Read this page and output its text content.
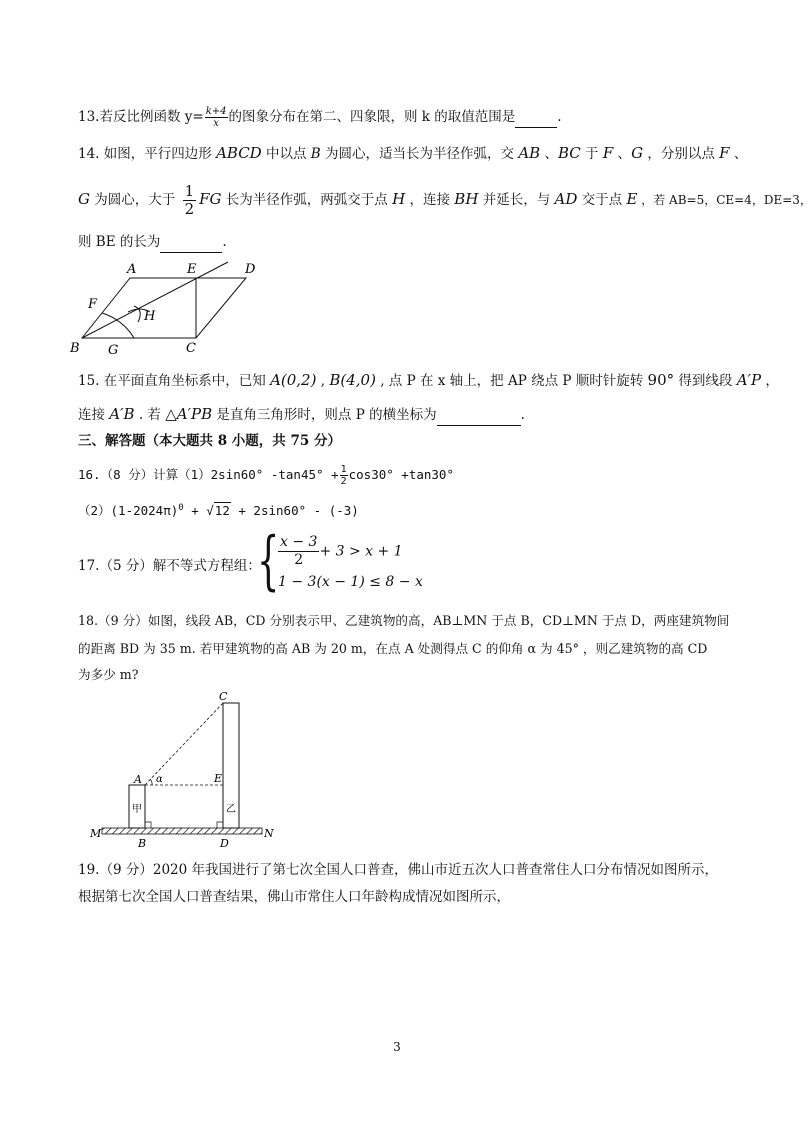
13.若反比例函数 $y= \frac{k+4}{x}$ 的图象分布在第二、四象限，则 k 的取值范围是	.
14. 如图，平行四边形 ABCD 中以点 B 为圆心，适当长为半径作弧，交 AB 、BC 于 F 、G ，分别以点 F 、
G 为圆心，大于 $\frac{1}{2}$ FG 长为半径作弧，两弧交于点 H ，连接 BH 并延长，与 AD 交于点 E ，若 AB=5，CE=4，DE=3，
则 BE 的长为	.
A	E	D
F
H
B G	C
15. 在平面直角坐标系中，已知 A(0,2) , B(4,0) , 点 P 在 x 轴上，把 AP 绕点 P 顺时针旋转 90° 得到线段 A′P ，
连接 A′B . 若 △A′PB 是直角三角形时，则点 P 的横坐标为	.
三、解答题（本大题共 8 小题，共 75 分）
16.（8 分）计算（1）2sin60° $-\tan 45^\circ + \frac{1}{2} \cos 30^\circ +\tan 30^\circ$
$(2)(1-2024\pi)^0 + √12 + 2\sin 60^\circ - (-3)$
17.（5 分）解不等式方程组：
{
$\frac{x - 3}{2} + 3 > x + 1$
1 − 3(x − 1) ≤ 8 − x
18.（9 分）如图，线段 AB，CD 分别表示甲、乙建筑物的高，AB⊥MN 于点 B，CD⊥MN 于点 D，两座建筑物间
的距离 BD 为 35 m. 若甲建筑物的高 AB 为 20 m，在点 A 处测得点 C 的仰角 α 为 45° ，则乙建筑物的高 CD
为多少 m?
C
A α	E
甲	乙
M
B	D
N
19.（9 分）2020 年我国进行了第七次全国人口普查，佛山市近五次人口普查常住人口分布情况如图所示，
根据第七次全国人口普查结果，佛山市常住人口年龄构成情况如图所示，
3
